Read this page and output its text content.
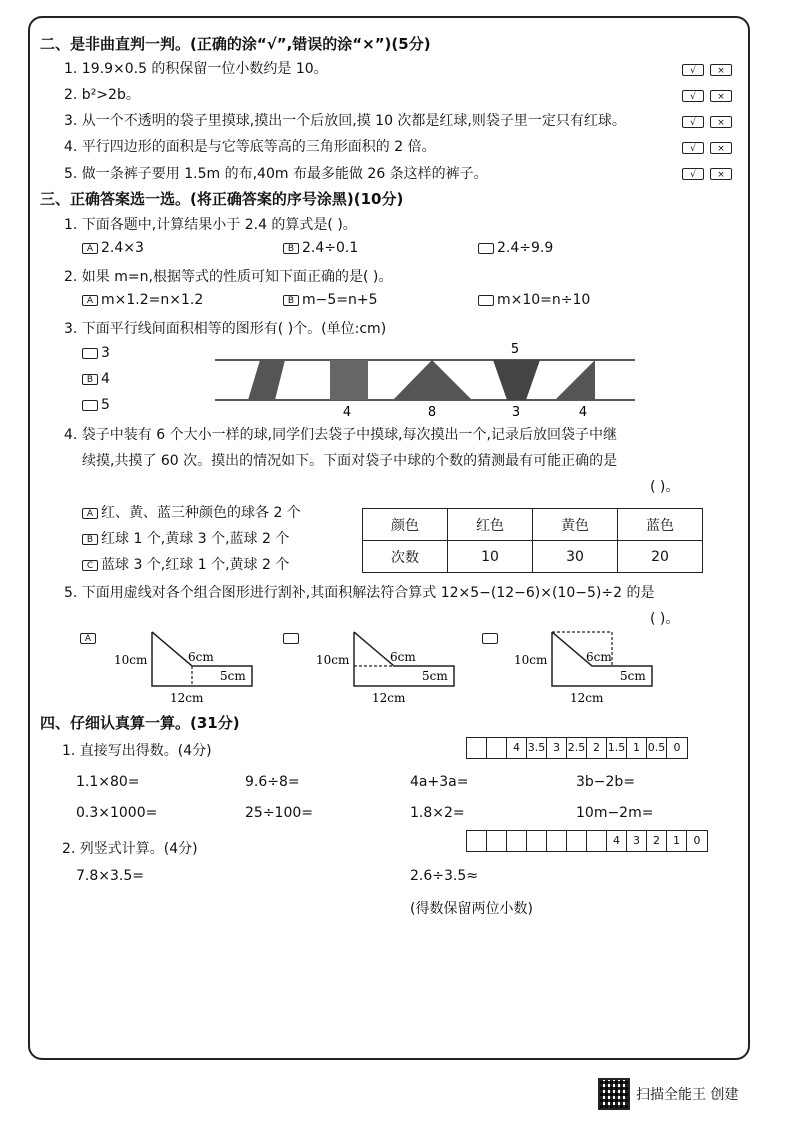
二、是非曲直判一判。(正确的涂“√”,错误的涂“×”)(5分)
1. 19.9×0.5 的积保留一位小数约是 10。
2. b²>2b。
3. 从一个不透明的袋子里摸球,摸出一个后放回,摸 10 次都是红球,则袋子里一定只有红球。
4. 平行四边形的面积是与它等底等高的三角形面积的 2 倍。
5. 做一条裤子要用 1.5m 的布,40m 布最多能做 26 条这样的裤子。
√	×
√	×
√	×
√	×
√	×
三、正确答案选一选。(将正确答案的序号涂黑)(10分)
1. 下面各题中,计算结果小于 2.4 的算式是( )。
A 2.4×3	B 2.4÷0.1	2.4÷9.9
2. 如果 m=n,根据等式的性质可知下面正确的是( )。
A m×1.2=n×1.2	B m−5=n+5	m×10=n÷10
3. 下面平行线间面积相等的图形有( )个。(单位:cm)
3
B 4
5
5
4	8	3	4
4. 袋子中装有 6 个大小一样的球,同学们去袋子中摸球,每次摸出一个,记录后放回袋子中继
续摸,共摸了 60 次。摸出的情况如下。下面对袋子中球的个数的猜测最有可能正确的是
( )。
A 红、黄、蓝三种颜色的球各 2 个
B 红球 1 个,黄球 3 个,蓝球 2 个
C 蓝球 3 个,红球 1 个,黄球 2 个
颜色	红色	黄色	蓝色
次数	10	30	20
5. 下面用虚线对各个组合图形进行割补,其面积解法符合算式 12×5−(12−6)×(10−5)÷2 的是
( )。
A
10cm	6cm
5cm
12cm
10cm	6cm
5cm
12cm
10cm	6cm
5cm
12cm
四、仔细认真算一算。(31分)
1. 直接写出得数。(4分)	4 3.5 3 2.5 2 1.5 1 0.5 0
1.1×80=	9.6÷8=	4a+3a=	3b−2b=
0.3×1000=	25÷100=	1.8×2=	10m−2m=
4	3	2	1	0
2. 列竖式计算。(4分)
7.8×3.5=	2.6÷3.5≈
(得数保留两位小数)
扫描全能王 创建
